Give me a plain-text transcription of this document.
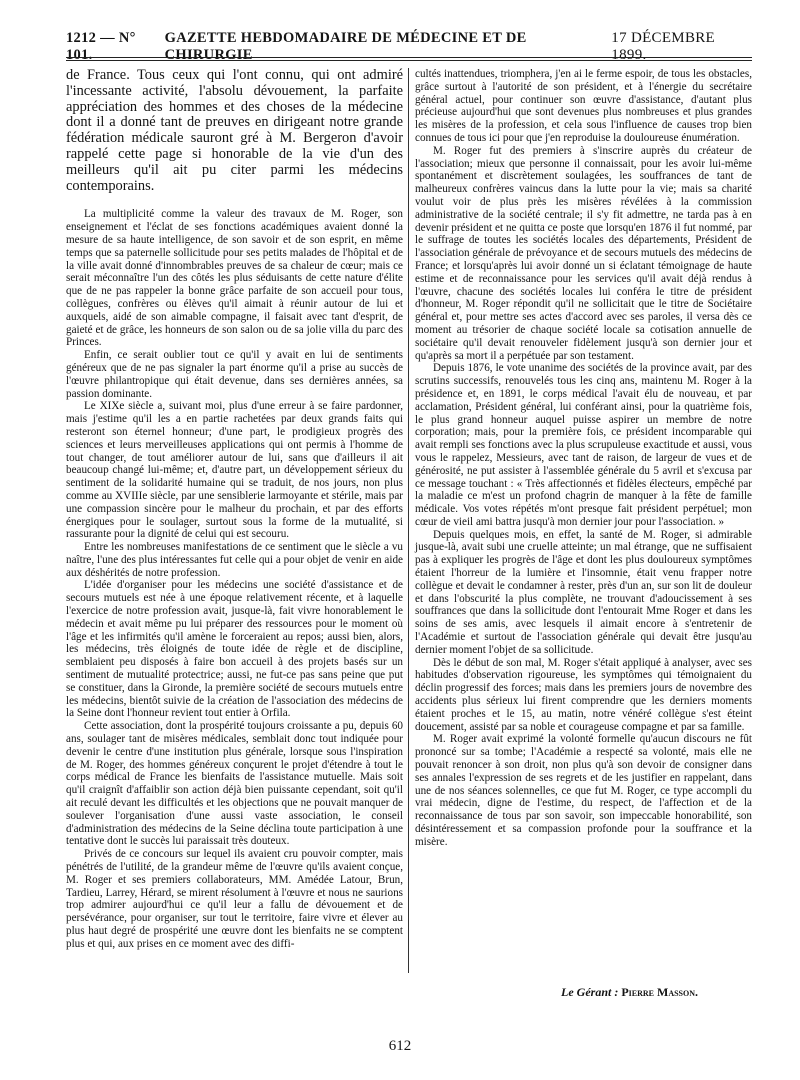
1212 — N° 101.
GAZETTE HEBDOMADAIRE DE MÉDECINE ET DE CHIRURGIE
17 DÉCEMBRE 1899.

de France. Tous ceux qui l'ont connu, qui ont admiré l'incessante activité, l'absolu dévouement, la parfaite appréciation des hommes et des choses de la médecine dont il a donné tant de preuves en dirigeant notre grande fédération médicale sauront gré à M. Bergeron d'avoir rappelé cette page si honorable de la vie d'un des meilleurs qu'il ait pu citer parmi les médecins contemporains.

La multiplicité comme la valeur des travaux de M. Roger, son enseignement et l'éclat de ses fonctions académiques avaient donné la mesure de sa haute intelligence, de son savoir et de son esprit, en même temps que sa paternelle sollicitude pour ses petits malades de l'hôpital et de la ville avait donné d'innombrables preuves de sa chaleur de cœur; mais ce serait méconnaître l'un des côtés les plus séduisants de cette nature d'élite que de ne pas rappeler la bonne grâce parfaite de son accueil pour tous, collègues, confrères ou élèves qu'il aimait à réunir autour de lui et auxquels, aidé de son aimable compagne, il faisait avec tant d'esprit, de gaieté et de grâce, les honneurs de son salon ou de sa jolie villa du parc des Princes.

Enfin, ce serait oublier tout ce qu'il y avait en lui de sentiments généreux que de ne pas signaler la part énorme qu'il a prise au succès de l'œuvre philantropique qui était devenue, dans ses dernières années, sa passion dominante.

Le XIXe siècle a, suivant moi, plus d'une erreur à se faire pardonner, mais j'estime qu'il les a en partie rachetées par deux grands faits qui resteront son éternel honneur; d'une part, le prodigieux progrès des sciences et leurs merveilleuses applications qui ont permis à l'homme de tout changer, de tout améliorer autour de lui, sans que d'ailleurs il ait beaucoup changé lui-même; et, d'autre part, un développement sérieux du sentiment de la solidarité humaine qui se traduit, de nos jours, non plus comme au XVIIIe siècle, par une sensiblerie larmoyante et stérile, mais par une compassion sincère pour le malheur du prochain, et par des efforts énergiques pour le soulager, surtout sous la forme de la mutualité, si rassurante pour la dignité de celui qui est secouru.

Entre les nombreuses manifestations de ce sentiment que le siècle a vu naître, l'une des plus intéressantes fut celle qui a pour objet de venir en aide aux déshérités de notre profession.

L'idée d'organiser pour les médecins une société d'assistance et de secours mutuels est née à une époque relativement récente, et à laquelle l'exercice de notre profession avait, jusque-là, fait vivre honorablement le médecin et avait même pu lui préparer des ressources pour le moment où l'âge et les infirmités qu'il amène le forceraient au repos; aussi bien, alors, les médecins, très éloignés de toute idée de règle et de discipline, semblaient peu disposés à faire bon accueil à des projets basés sur un sentiment de mutualité protectrice; aussi, ne fut-ce pas sans peine que put se constituer, dans la Gironde, la première société de secours mutuels entre les médecins, bientôt suivie de la création de l'association des médecins de la Seine dont l'honneur revient tout entier à Orfila.

Cette association, dont la prospérité toujours croissante a pu, depuis 60 ans, soulager tant de misères médicales, semblait donc tout indiquée pour devenir le centre d'une institution plus générale, lorsque sous l'inspiration de M. Roger, des hommes généreux conçurent le projet d'étendre à tout le corps médical de France les bienfaits de l'assistance mutuelle. Mais soit qu'il craignît d'affaiblir son action déjà bien puissante cependant, soit qu'il ait reculé devant les difficultés et les objections que ne pouvait manquer de soulever l'organisation d'une aussi vaste association, le conseil d'administration des médecins de la Seine déclina toute participation à une tentative dont le succès lui paraissait très douteux.

Privés de ce concours sur lequel ils avaient cru pouvoir compter, mais pénétrés de l'utilité, de la grandeur même de l'œuvre qu'ils avaient conçue, M. Roger et ses premiers collaborateurs, MM. Amédée Latour, Brun, Tardieu, Larrey, Hérard, se mirent résolument à l'œuvre et nous ne saurions trop admirer aujourd'hui ce qu'il leur a fallu de dévouement et de persévérance, pour organiser, sur tout le territoire, faire vivre et élever au plus haut degré de prospérité une œuvre dont les bienfaits ne se comptent plus et qui, aux prises en ce moment avec des diffi-

cultés inattendues, triomphera, j'en ai le ferme espoir, de tous les obstacles, grâce surtout à l'autorité de son président, et à l'énergie du secrétaire général actuel, pour continuer son œuvre d'assistance, d'autant plus précieuse aujourd'hui que sont devenues plus nombreuses et plus grandes les misères de la profession, et cela sous l'influence de causes trop bien connues de tous ici pour que j'en reproduise la douloureuse énumération.

M. Roger fut des premiers à s'inscrire auprès du créateur de l'association; mieux que personne il connaissait, pour les avoir lui-même spontanément et discrètement soulagées, les souffrances de tant de malheureux confrères vaincus dans la lutte pour la vie; mais sa charité voulut voir de plus près les misères révélées à la commission administrative de la société centrale; il s'y fit admettre, ne tarda pas à en devenir président et ne quitta ce poste que lorsqu'en 1876 il fut nommé, par le suffrage de toutes les sociétés locales des départements, Président de l'association générale de prévoyance et de secours mutuels des médecins de France; et lorsqu'après lui avoir donné un si éclatant témoignage de haute estime et de reconnaissance pour les services qu'il avait déjà rendus à l'œuvre, chacune des sociétés locales lui conféra le titre de président d'honneur, M. Roger répondit qu'il ne sollicitait que le titre de Sociétaire général et, pour mettre ses actes d'accord avec ses paroles, il versa dès ce moment au trésorier de chaque société locale sa cotisation annuelle de sociétaire qu'il devait renouveler fidèlement jusqu'à son dernier jour et qu'après sa mort il a perpétuée par son testament.

Depuis 1876, le vote unanime des sociétés de la province avait, par des scrutins successifs, renouvelés tous les cinq ans, maintenu M. Roger à la présidence et, en 1891, le corps médical l'avait élu de nouveau, et par acclamation, Président général, lui conférant ainsi, pour la quatrième fois, le plus grand honneur auquel puisse aspirer un membre de notre corporation; mais, pour la première fois, ce président incomparable qui avait rempli ses fonctions avec la plus scrupuleuse exactitude et aussi, vous vous le rappelez, Messieurs, avec tant de raison, de largeur de vues et de générosité, ne put assister à l'assemblée générale du 5 avril et s'excusa par ce message touchant : « Très affectionnés et fidèles électeurs, empêché par la maladie ce m'est un profond chagrin de manquer à la fête de famille médicale. Vos votes répétés m'ont presque fait président perpétuel; mon cœur de vieil ami battra jusqu'à mon dernier jour pour l'association. »

Depuis quelques mois, en effet, la santé de M. Roger, si admirable jusque-là, avait subi une cruelle atteinte; un mal étrange, que ne suffisaient pas à expliquer les progrès de l'âge et dont les plus douloureux symptômes étaient l'horreur de la lumière et l'insomnie, était venu frapper notre collègue et devait le condamner à rester, près d'un an, sur son lit de douleur et dans l'obscurité la plus complète, ne trouvant d'adoucissement à ses souffrances que dans la sollicitude dont l'entourait Mme Roger et dans les soins de ses amis, avec lesquels il aimait encore à s'entretenir de l'Académie et surtout de l'association générale qui devait être jusqu'au dernier moment l'objet de sa sollicitude.

Dès le début de son mal, M. Roger s'était appliqué à analyser, avec ses habitudes d'observation rigoureuse, les symptômes qui témoignaient du déclin progressif des forces; mais dans les premiers jours de novembre des accidents plus sérieux lui firent comprendre que les derniers moments étaient proches et le 15, au matin, notre vénéré collègue s'est éteint doucement, assisté par sa noble et courageuse compagne et par sa famille.

M. Roger avait exprimé la volonté formelle qu'aucun discours ne fût prononcé sur sa tombe; l'Académie a respecté sa volonté, mais elle ne pouvait renoncer à son droit, non plus qu'à son devoir de consigner dans ses annales l'expression de ses regrets et de les justifier en rappelant, dans une de nos séances solennelles, ce que fut M. Roger, ce type accompli du vrai médecin, digne de l'estime, du respect, de l'affection et de la reconnaissance de tous par son savoir, son impeccable honorabilité, son désintéressement et sa compassion profonde pour la souffrance et la misère.

Le Gérant : Pierre Masson.
612
